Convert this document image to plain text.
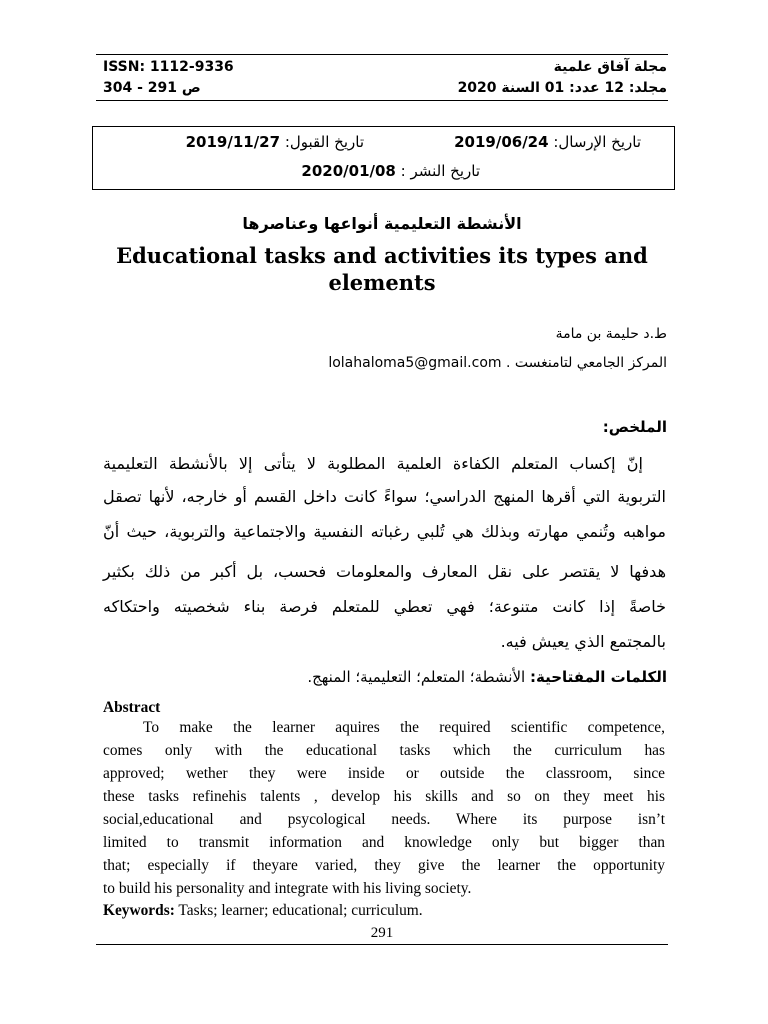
ISSN: 1112-9336
ص 291 - 304
مجلة آفاق علمية
مجلد: 12 عدد: 01 السنة 2020
تاريخ الإرسال: 2019/06/24
تاريخ القبول: 2019/11/27
تاريخ النشر : 2020/01/08
الأنشطة التعليمية أنواعها وعناصرها
Educational tasks and activities its types and
elements
ط.د حليمة بن مامة
المركز الجامعي لتامنغست . lolahaloma5@gmail.com
الملخص:
إنّ إكساب المتعلم الكفاءة العلمية المطلوبة لا يتأتى إلا بالأنشطة التعليمية
التربوية التي أقرها المنهج الدراسي؛ سواءً كانت داخل القسم أو خارجه، لأنها تصقل
مواهبه وتُنمي مهارته وبذلك هي تُلبي رغباته النفسية والاجتماعية والتربوية، حيث أنّ
هدفها لا يقتصر على نقل المعارف والمعلومات فحسب، بل أكبر من ذلك بكثير
خاصةً إذا كانت متنوعة؛ فهي تعطي للمتعلم فرصة بناء شخصيته واحتكاكه
بالمجتمع الذي يعيش فيه.
الكلمات المفتاحية: الأنشطة؛ المتعلم؛ التعليمية؛ المنهج.
Abstract
To make the learner aquires the required scientific competence,
comes only with the educational tasks which the curriculum has
approved; wether they were inside or outside the classroom, since
these tasks refinehis talents , develop his skills and so on they meet his
social,educational and psycological needs. Where its purpose isn’t
limited to transmit information and knowledge only but bigger than
that; especially if theyare varied, they give the learner the opportunity
to build his personality and integrate with his living society.
Keywords: Tasks; learner; educational; curriculum.
291
